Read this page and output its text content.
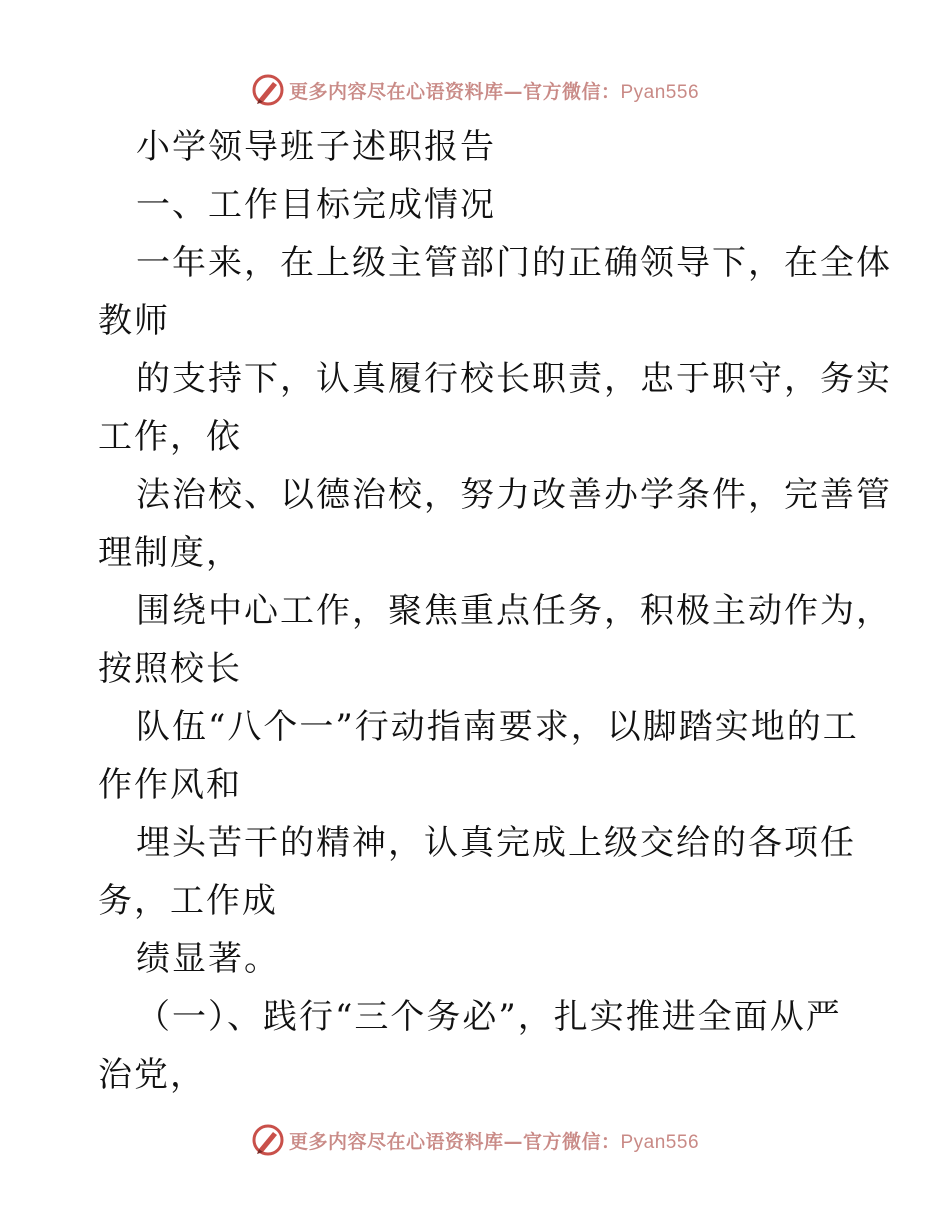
更多内容尽在心语资料库—官方微信：Pyan556
小学领导班子述职报告
一、工作目标完成情况
一年来，在上级主管部门的正确领导下，在全体
教师
的支持下，认真履行校长职责，忠于职守，务实
工作，依
法治校、以德治校，努力改善办学条件，完善管
理制度，
围绕中心工作，聚焦重点任务，积极主动作为，
按照校长
队伍“八个一”行动指南要求，以脚踏实地的工
作作风和
埋头苦干的精神，认真完成上级交给的各项任
务，工作成
绩显著。
（一）、践行“三个务必”，扎实推进全面从严
治党，
更多内容尽在心语资料库—官方微信：Pyan556
